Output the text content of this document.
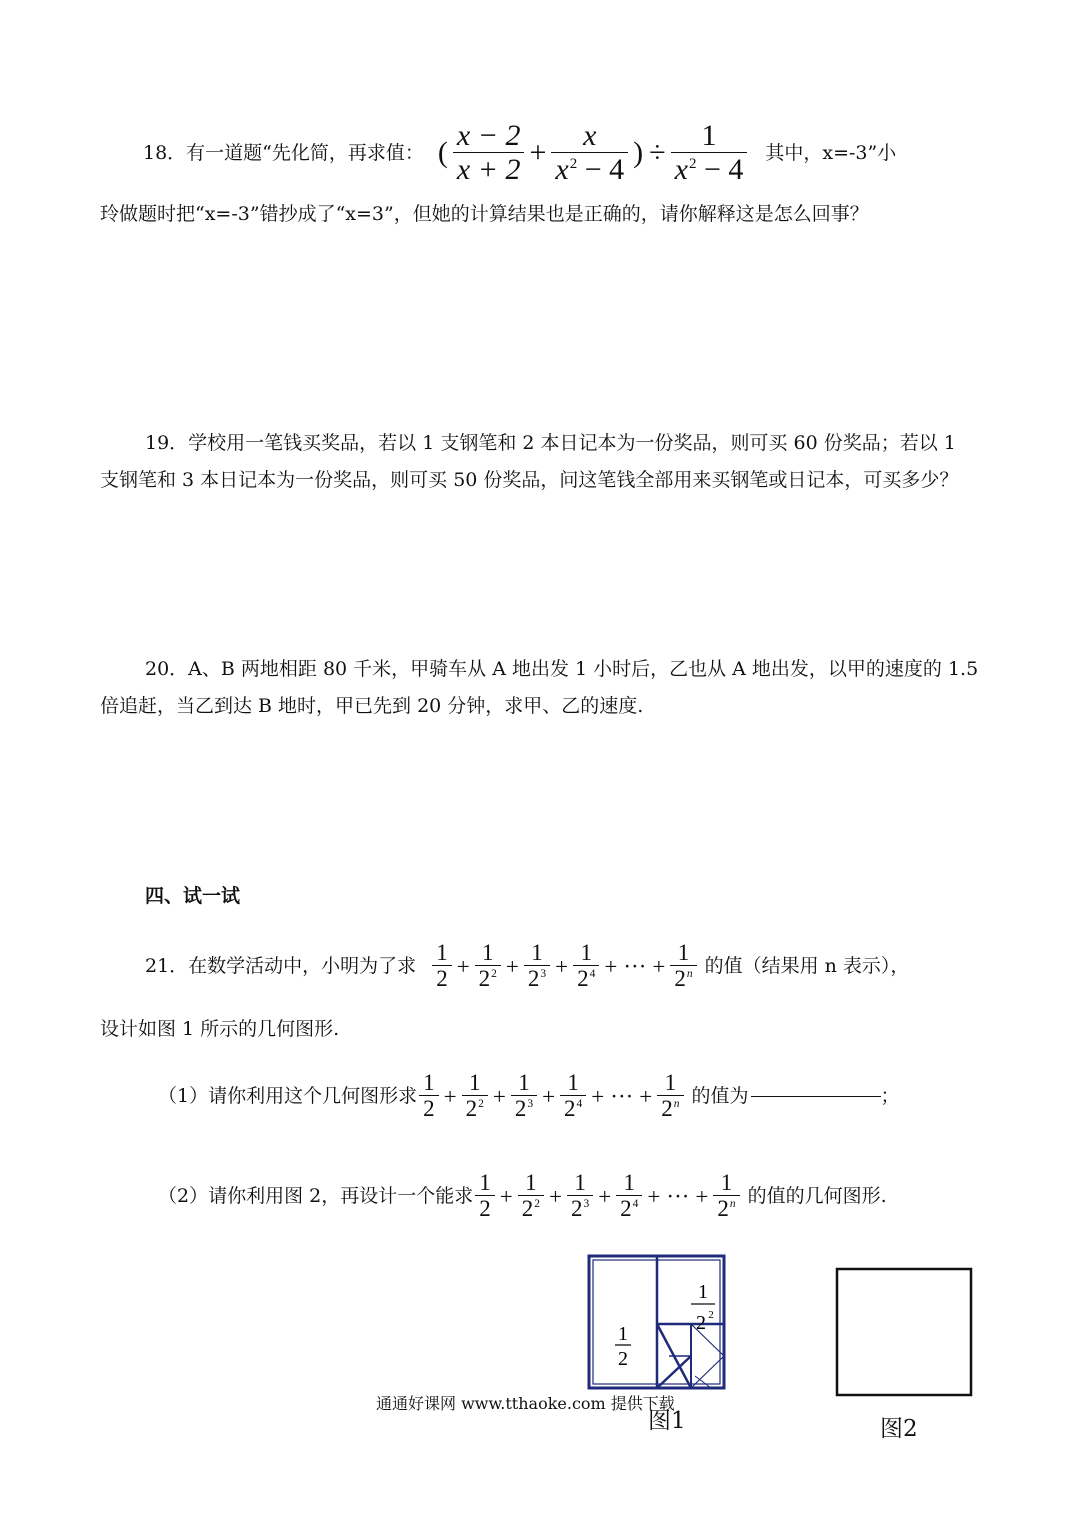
18．有一道题“先化简，再求值： ( $\frac{x - 2}{x + 2} + \frac{x}{x^2 - 4}$ ) ÷ $\frac{1}{x^2 - 4}$ 其中，x=-3”小
玲做题时把“x=-3”错抄成了“x=3”，但她的计算结果也是正确的，请你解释这是怎么回事？
19．学校用一笔钱买奖品，若以 1 支钢笔和 2 本日记本为一份奖品，则可买 60 份奖品；若以 1 支钢笔和 3 本日记本为一份奖品，则可买 50 份奖品，问这笔钱全部用来买钢笔或日记本，可买多少？
20．A、B 两地相距 80 千米，甲骑车从 A 地出发 1 小时后，乙也从 A 地出发，以甲的速度的 1.5 倍追赶，当乙到达 B 地时，甲已先到 20 分钟，求甲、乙的速度.
四、试一试
21．在数学活动中，小明为了求 $\frac{1}{2} + \frac{1}{2^2} + \frac{1}{2^3} + \frac{1}{2^4}$ + ··· + $\frac{1}{2^n}$ 的值（结果用 n 表示），
设计如图 1 所示的几何图形.
（1）请你利用这个几何图形求 $\frac{1}{2} + \frac{1}{2^2} + \frac{1}{2^3} + \frac{1}{2^4}$ + ··· + $\frac{1}{2^n}$ 的值为	；
（2）请你利用图 2，再设计一个能求 $\frac{1}{2} + \frac{1}{2^2} + \frac{1}{2^3} + \frac{1}{2^4}$ + ··· + $\frac{1}{2^n}$ 的值的几何图形.
1
2
1
2 2
通通好课网 www.tthaoke.com 提供下载
图1	图2
